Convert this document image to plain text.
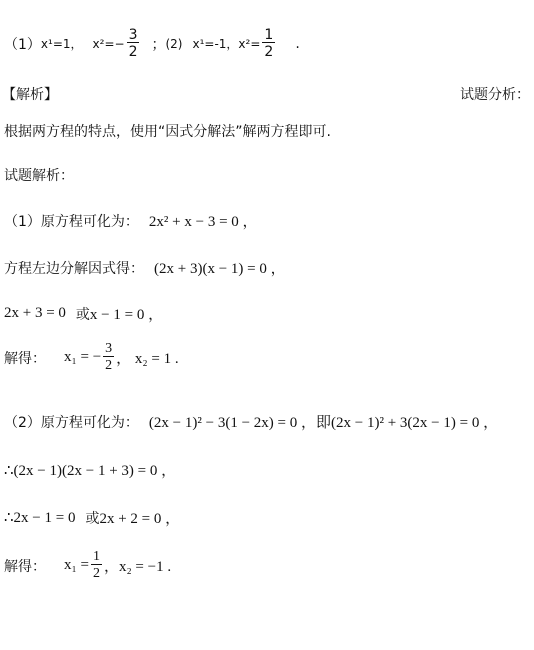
（1） x¹=1， $x^2=- \frac{3}{2}$ ； (2) x¹=-1， $x^2= \frac{1}{2}$ .
【解析】	试题分析：
根据两方程的特点，使用“因式分解法”解两方程即可.
试题解析：
（1）原方程可化为： 2x² + x − 3 = 0 ，
方程左边分解因式得： (2x + 3)(x − 1) = 0 ，
2x + 3 = 0 或 x − 1 = 0 ，
解得： x₁ = − $\frac{3}{2}$ ， x₂ = 1 .
（2）原方程可化为： (2x − 1)² − 3(1 − 2x) = 0 ，即 (2x − 1)² + 3(2x − 1) = 0 ，
∴(2x − 1)(2x − 1 + 3) = 0 ，
∴2x − 1 = 0 或 2x + 2 = 0 ，
解得： $x_1 = \frac{1}{2}$ ，x₂ = −1 .
